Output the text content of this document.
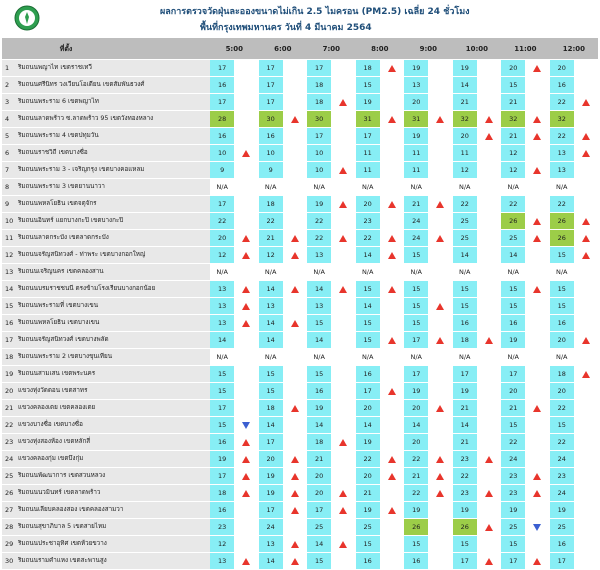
ผลการตรวจวัดฝุ่นละอองขนาดไม่เกิน 2.5 ไมครอน (PM2.5) เฉลี่ย 24 ชั่วโมง
พื้นที่กรุงเทพมหานคร วันที่ 4 มีนาคม 2564
ที่ตั้ง		5:00		6:00		7:00		8:00		9:00		10:00		11:00		12:00	
1	ริมถนนพญาไท เขตราชเทวี	17		17		17		18		19		19		20		20	
2	ริมถนนศรีนิทร วงเวียนโอเดียน เขตสัมพันธวงศ์	16		17		18		15		13		14		15		16	
3	ริมถนนพระราม 6 เขตพญาไท	17		17		18		19		20		21		21		22	
4	ริมถนนลาดพร้าว ซ.ลาดพร้าว 95 เขตวังทองหลาง	28		30		30		31		31		32		32		32	
5	ริมถนนพระราม 4 เขตปทุมวัน	16		16		17		17		19		20		21		22	
6	ริมถนนราชวิถี เขตบางซื่อ	10		10		10		11		11		11		12		13	
7	ริมถนนพระราม 3 - เจริญกรุง เขตบางคอแหลม	9		9		10		11		11		12		12		13	
8	ริมถนนพระราม 3 เขตยานนาวา	N/A		N/A		N/A		N/A		N/A		N/A		N/A		N/A	
9	ริมถนนพหลโยธิน เขตจตุจักร	17		18		19		20		21		22		22		22	
10	ริมถนนอินทร์ แยกบางกะปิ เขตบางกะปิ	22		22		22		23		24		25		26		26	
11	ริมถนนลาดกระบัง เขตลาดกระบัง	20		21		22		22		24		25		25		26	
12	ริมถนนจรัญสนิทวงศ์ - ท่าพระ เขตบางกอกใหญ่	12		12		13		14		15		14		14		15	
13	ริมถนนเจริญนคร เขตคลองสาน	N/A		N/A		N/A		N/A		N/A		N/A		N/A		N/A	
14	ริมถนนบรมราชชนนี ตรงข้ามโรงเรียนบางกอกน้อย	13		14		14		15		15		15		15		15	
15	ริมถนนพระรามที่ เขตบางเขน	13		13		13		14		15		15		15		15	
16	ริมถนนพหลโยธิน เขตบางเขน	13		14		15		15		15		16		16		16	
17	ริมถนนจรัญสนิทวงศ์ เขตบางพลัด	14		14		14		15		17		18		19		20	
18	ริมถนนพระราม 2 เขตบางขุนเทียน	N/A		N/A		N/A		N/A		N/A		N/A		N/A		N/A	
19	ริมถนนสามเสน เขตพระนคร	15		15		15		16		17		17		17		18	
20	แขวงทุ่งวัดดอน เขตสาทร	15		15		16		17		19		19		20		20	
21	แขวงคลองเตย เขตคลองเตย	17		18		19		20		20		21		21		22	
22	แขวงบางซื่อ เขตบางซื่อ	15		14		14		14		14		14		15		15	
23	แขวงทุ่งสองห้อง เขตหลักสี่	16		17		18		19		20		21		22		22	
24	แขวงคลองกุ่ม เขตบึงกุ่ม	19		20		21		22		22		23		24		24	
25	ริมถนนพัฒนาการ เขตสวนหลวง	17		19		20		20		21		22		23		23	
26	ริมถนนนวมินทร์ เขตลาดพร้าว	18		19		20		21		22		23		23		24	
27	ริมถนนเลียบคลองสอง เขตคลองสามวา	16		17		17		19		19		19		19		19	
28	ริมถนนสุขาภิบาล 5 เขตสายไหม	23		24		25		25		26		26		25		25	
29	ริมถนนประชาอุทิศ เขตห้วยขวาง	12		13		14		15		15		15		15		16	
30	ริมถนนรามคำแหง เขตสะพานสูง	13		14		15		16		16		17		17		17	
